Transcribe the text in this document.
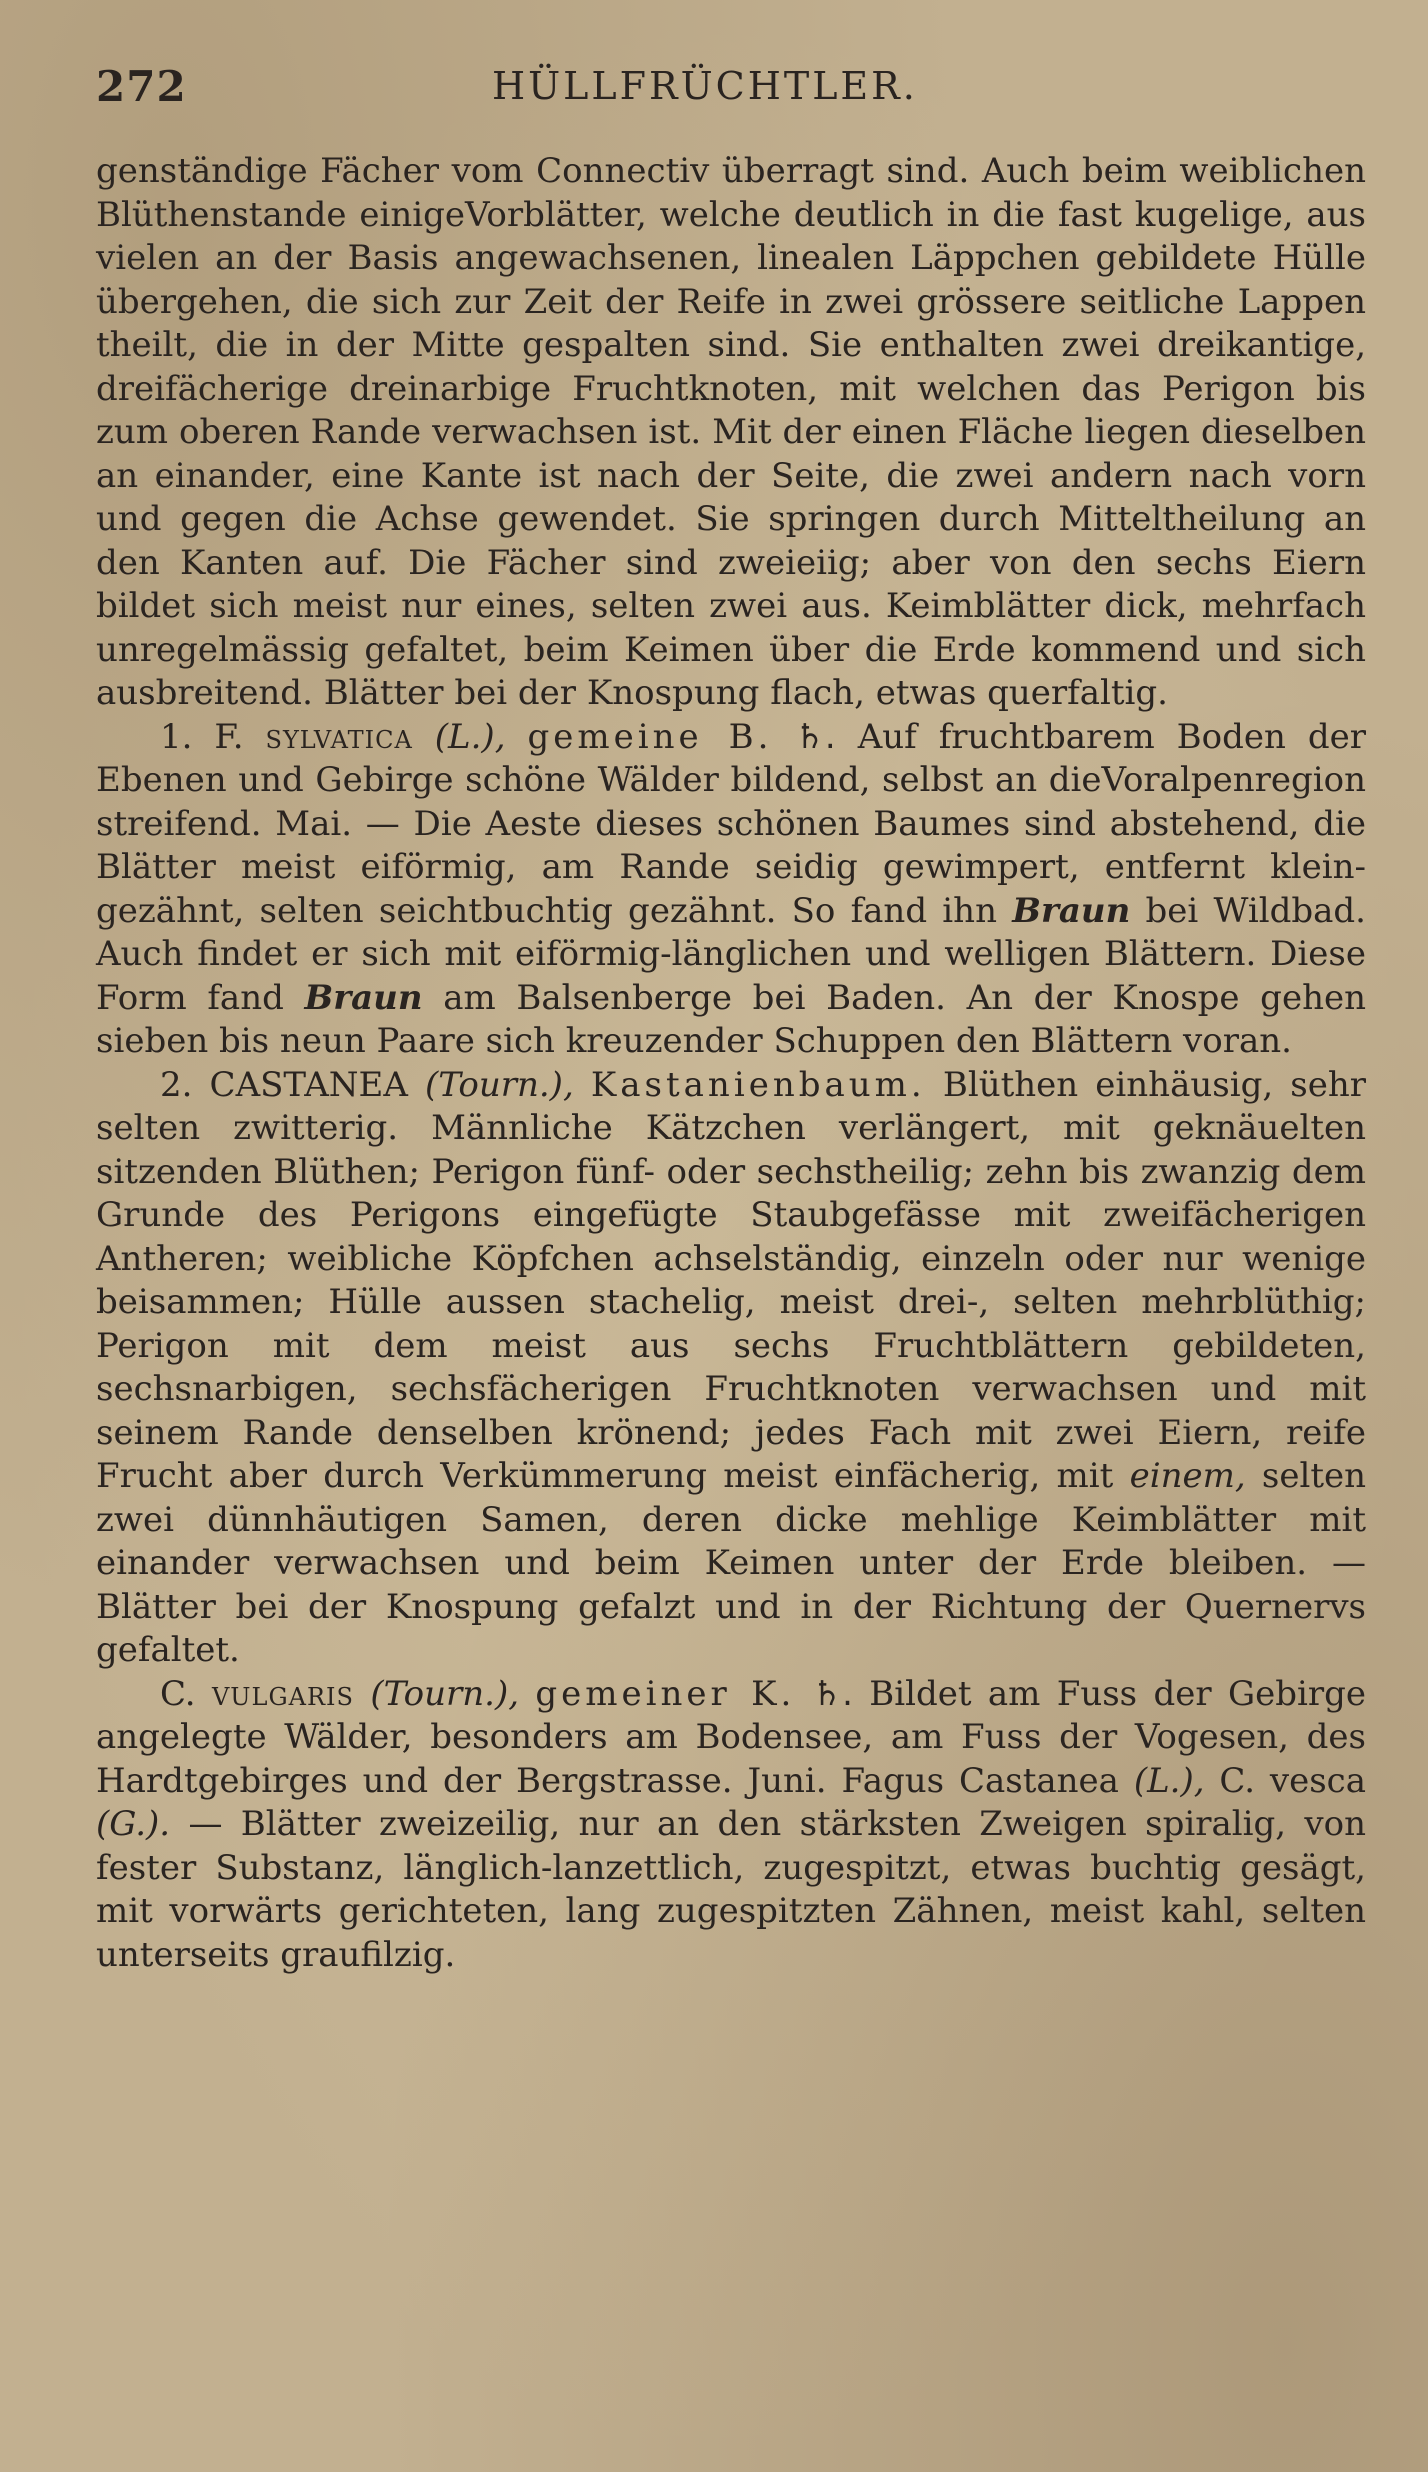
272	HÜLLFRÜCHTLER.

genständige Fächer vom Connectiv überragt sind. Auch beim weiblichen Blüthenstande einigeVorblätter, welche deutlich in die fast kugelige, aus vielen an der Basis angewachsenen, linealen Läppchen gebildete Hülle übergehen, die sich zur Zeit der Reife in zwei grössere seitliche Lappen theilt, die in der Mitte gespalten sind. Sie enthalten zwei dreikantige, dreifächerige dreinarbige Fruchtknoten, mit welchen das Perigon bis zum oberen Rande verwachsen ist. Mit der einen Fläche liegen dieselben an einander, eine Kante ist nach der Seite, die zwei andern nach vorn und gegen die Achse gewendet. Sie springen durch Mitteltheilung an den Kanten auf. Die Fächer sind zweieiig; aber von den sechs Eiern bildet sich meist nur eines, selten zwei aus. Keimblätter dick, mehrfach unregelmässig gefaltet, beim Keimen über die Erde kommend und sich ausbreitend. Blätter bei der Knospung flach, etwas querfaltig.

1. F. sylvatica (L.), gemeine B. ♄. Auf fruchtbarem Boden der Ebenen und Gebirge schöne Wälder bildend, selbst an dieVoralpenregion streifend. Mai. — Die Aeste dieses schönen Baumes sind abstehend, die Blätter meist eiförmig, am Rande seidig gewimpert, entfernt klein-gezähnt, selten seichtbuchtig gezähnt. So fand ihn Braun bei Wildbad. Auch findet er sich mit eiförmig-länglichen und welligen Blättern. Diese Form fand Braun am Balsenberge bei Baden. An der Knospe gehen sieben bis neun Paare sich kreuzender Schuppen den Blättern voran.

2. CASTANEA (Tourn.), Kastanienbaum. Blüthen einhäusig, sehr selten zwitterig. Männliche Kätzchen verlängert, mit geknäuelten sitzenden Blüthen; Perigon fünf- oder sechstheilig; zehn bis zwanzig dem Grunde des Perigons eingefügte Staubgefässe mit zweifächerigen Antheren; weibliche Köpfchen achselständig, einzeln oder nur wenige beisammen; Hülle aussen stachelig, meist drei-, selten mehrblüthig; Perigon mit dem meist aus sechs Fruchtblättern gebildeten, sechsnarbigen, sechsfächerigen Fruchtknoten verwachsen und mit seinem Rande denselben krönend; jedes Fach mit zwei Eiern, reife Frucht aber durch Verkümmerung meist einfächerig, mit einem, selten zwei dünnhäutigen Samen, deren dicke mehlige Keimblätter mit einander verwachsen und beim Keimen unter der Erde bleiben. — Blätter bei der Knospung gefalzt und in der Richtung der Quernervs gefaltet.

C. vulgaris (Tourn.), gemeiner K. ♄. Bildet am Fuss der Gebirge angelegte Wälder, besonders am Bodensee, am Fuss der Vogesen, des Hardtgebirges und der Bergstrasse. Juni. Fagus Castanea (L.), C. vesca (G.). — Blätter zweizeilig, nur an den stärksten Zweigen spiralig, von fester Substanz, länglich-lanzettlich, zugespitzt, etwas buchtig gesägt, mit vorwärts gerichteten, lang zugespitzten Zähnen, meist kahl, selten unterseits graufilzig.
